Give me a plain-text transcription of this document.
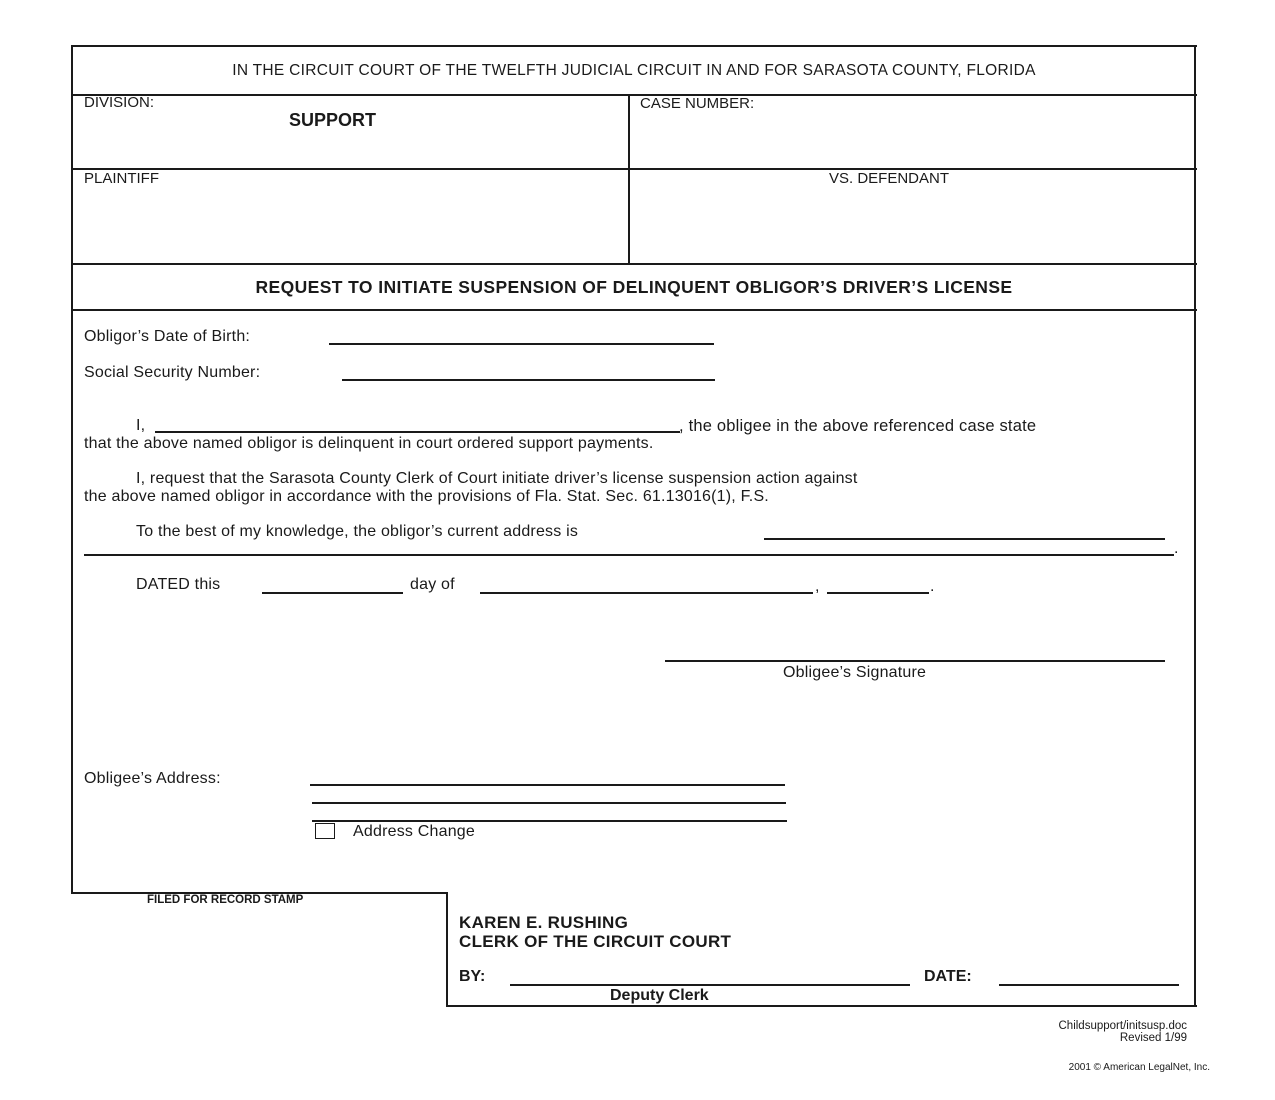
IN THE CIRCUIT COURT OF THE TWELFTH JUDICIAL CIRCUIT IN AND FOR SARASOTA COUNTY, FLORIDA
DIVISION:
SUPPORT
CASE NUMBER:
PLAINTIFF	VS. DEFENDANT
REQUEST TO INITIATE SUSPENSION OF DELINQUENT OBLIGOR’S DRIVER’S LICENSE
Obligor’s Date of Birth:
Social Security Number:
I,	, the obligee in the above referenced case state
that the above named obligor is delinquent in court ordered support payments.
I, request that the Sarasota County Clerk of Court initiate driver’s license suspension action against
the above named obligor in accordance with the provisions of Fla. Stat. Sec. 61.13016(1), F.S.
To the best of my knowledge, the obligor’s current address is
.
DATED this	day of	,	.
Obligee’s Signature
Obligee’s Address:
Address Change
FILED FOR RECORD STAMP
KAREN E. RUSHING
CLERK OF THE CIRCUIT COURT
BY:	DATE:
Deputy Clerk
Childsupport/initsusp.doc
Revised 1/99
2001 © American LegalNet, Inc.
